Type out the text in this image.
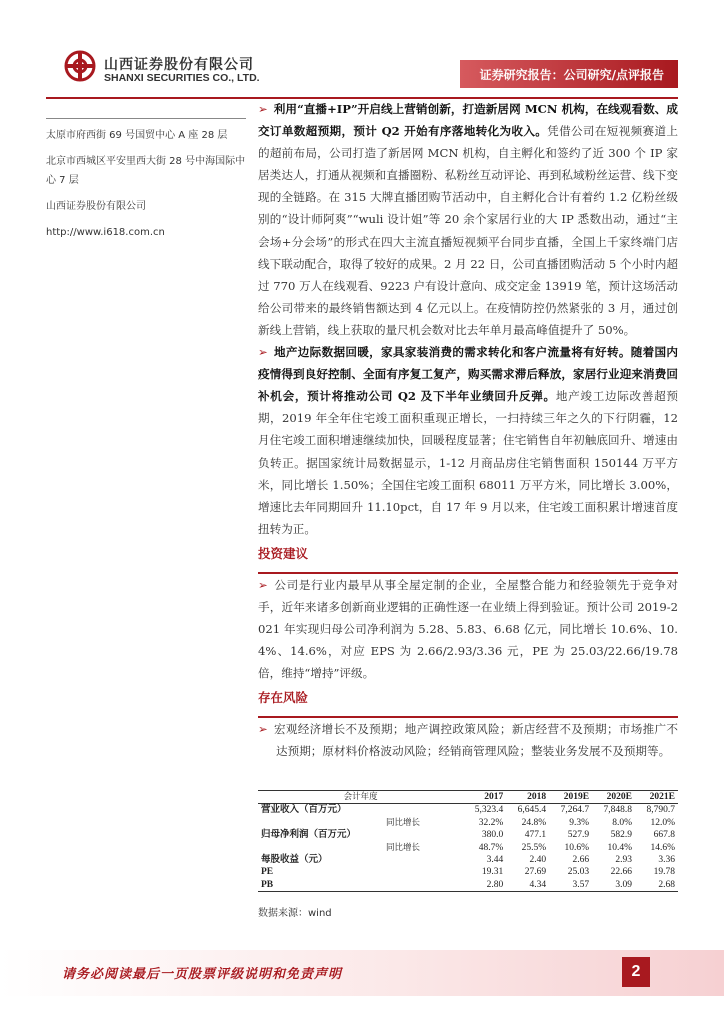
山西证券股份有限公司
SHANXI SECURITIES CO., LTD.	证券研究报告：公司研究/点评报告

太原市府西街 69 号国贸中心 A 座 28 层

北京市西城区平安里西大街 28 号中海国际中心 7 层

山西证券股份有限公司

http://www.i618.com.cn

➢ 利用“直播+IP”开启线上营销创新，打造新居网 MCN 机构，在线观看数、成交订单数超预期，预计 Q2 开始有序落地转化为收入。凭借公司在短视频赛道上的超前布局，公司打造了新居网 MCN 机构，自主孵化和签约了近 300 个 IP 家居类达人，打通从视频和直播圈粉、私粉丝互动评论、再到私域粉丝运营、线下变现的全链路。在 315 大牌直播团购节活动中，自主孵化合计有着约 1.2 亿粉丝级别的“设计师阿爽”“wuli 设计姐”等 20 余个家居行业的大 IP 悉数出动，通过“主会场+分会场”的形式在四大主流直播短视频平台同步直播，全国上千家终端门店线下联动配合，取得了较好的成果。2 月 22 日，公司直播团购活动 5 个小时内超过 770 万人在线观看、9223 户有设计意向、成交定金 13919 笔，预计这场活动给公司带来的最终销售额达到 4 亿元以上。在疫情防控仍然紧张的 3 月，通过创新线上营销，线上获取的量尺机会数对比去年单月最高峰值提升了 50%。

➢ 地产边际数据回暖，家具家装消费的需求转化和客户流量将有好转。随着国内疫情得到良好控制、全面有序复工复产，购买需求滞后释放，家居行业迎来消费回补机会，预计将推动公司 Q2 及下半年业绩回升反弹。地产竣工边际改善超预期，2019 年全年住宅竣工面积重现正增长，一扫持续三年之久的下行阴霾，12 月住宅竣工面积增速继续加快，回暖程度显著；住宅销售自年初触底回升、增速由负转正。据国家统计局数据显示，1-12 月商品房住宅销售面积 150144 万平方米，同比增长 1.50%；全国住宅竣工面积 68011 万平方米，同比增长 3.00%，增速比去年同期回升 11.10pct，自 17 年 9 月以来，住宅竣工面积累计增速首度扭转为正。

投资建议

➢ 公司是行业内最早从事全屋定制的企业，全屋整合能力和经验领先于竞争对手，近年来诸多创新商业逻辑的正确性逐一在业绩上得到验证。预计公司 2019-2021 年实现归母公司净利润为 5.28、5.83、6.68 亿元，同比增长 10.6%、10.4%、14.6%，对应 EPS 为 2.66/2.93/3.36 元，PE 为 25.03/22.66/19.78 倍，维持“增持”评级。

存在风险

➢ 宏观经济增长不及预期；地产调控政策风险；新店经营不及预期；市场推广不达预期；原材料价格波动风险；经销商管理风险；整装业务发展不及预期等。

会计年度	2017	2018	2019E	2020E	2021E
营业收入（百万元）	5,323.4	6,645.4	7,264.7	7,848.8	8,790.7
同比增长	32.2%	24.8%	9.3%	8.0%	12.0%
归母净利润（百万元）	380.0	477.1	527.9	582.9	667.8
同比增长	48.7%	25.5%	10.6%	10.4%	14.6%
每股收益（元）	3.44	2.40	2.66	2.93	3.36
PE	19.31	27.69	25.03	22.66	19.78
PB	2.80	4.34	3.57	3.09	2.68
数据来源：wind
请务必阅读最后一页股票评级说明和免责声明	2
